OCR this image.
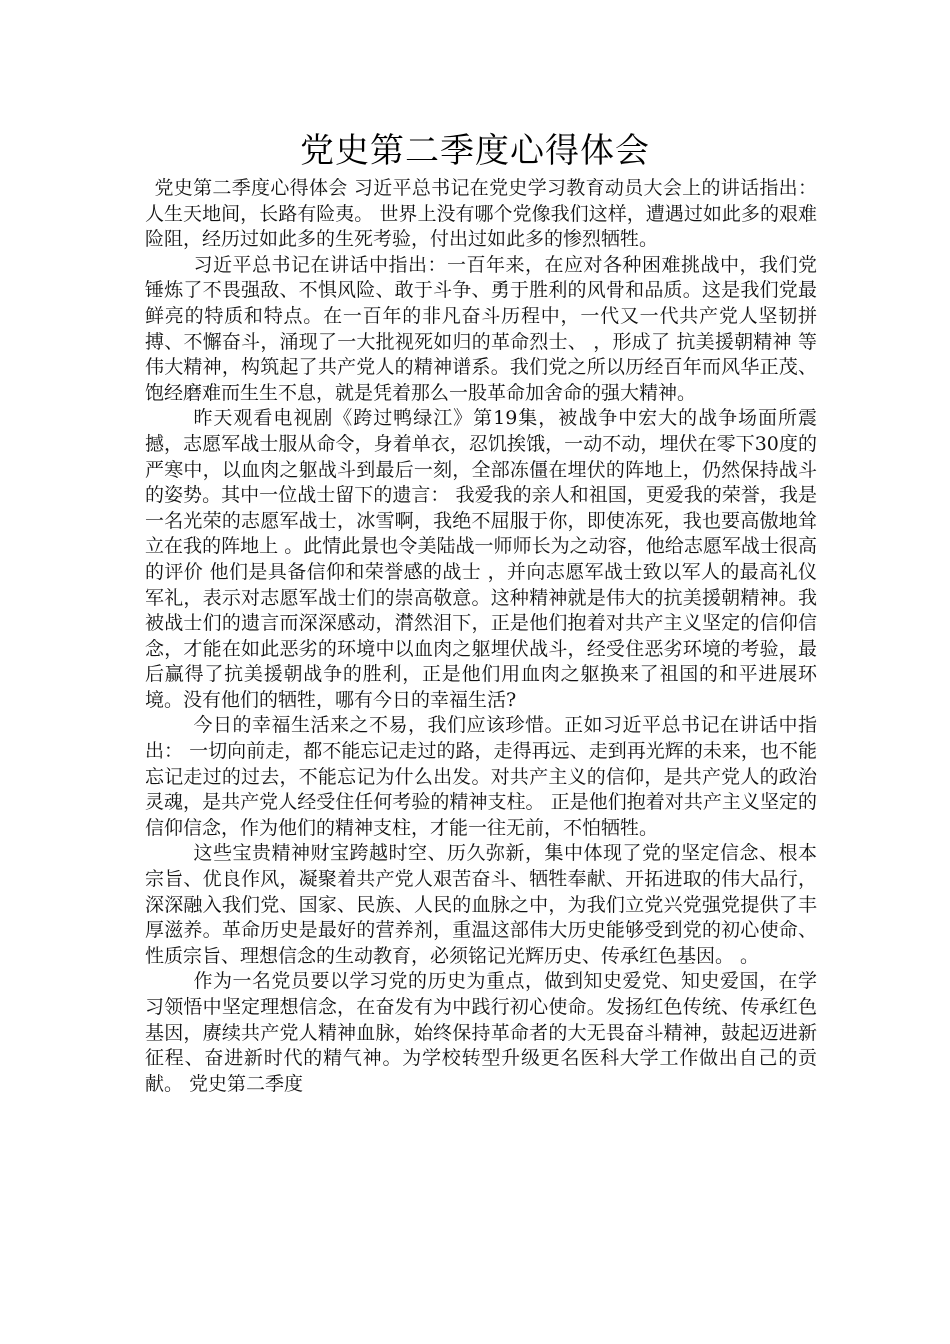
党史第二季度心得体会

党史第二季度心得体会 习近平总书记在党史学习教育动员大会上的讲话指出： 人生天地间，长路有险夷。 世界上没有哪个党像我们这样，遭遇过如此多的艰难险阻，经历过如此多的生死考验，付出过如此多的惨烈牺牲。

习近平总书记在讲话中指出：一百年来，在应对各种困难挑战中，我们党锤炼了不畏强敌、不惧风险、敢于斗争、勇于胜利的风骨和品质。这是我们党最鲜亮的特质和特点。在一百年的非凡奋斗历程中，一代又一代共产党人坚韧拼搏、不懈奋斗，涌现了一大批视死如归的革命烈士、 ，形成了 抗美援朝精神 等伟大精神，构筑起了共产党人的精神谱系。我们党之所以历经百年而风华正茂、饱经磨难而生生不息，就是凭着那么一股革命加舍命的强大精神。

昨天观看电视剧《跨过鸭绿江》第19集，被战争中宏大的战争场面所震撼，志愿军战士服从命令，身着单衣，忍饥挨饿，一动不动，埋伏在零下30度的严寒中，以血肉之躯战斗到最后一刻，全部冻僵在埋伏的阵地上，仍然保持战斗的姿势。其中一位战士留下的遗言： 我爱我的亲人和祖国，更爱我的荣誉，我是一名光荣的志愿军战士，冰雪啊，我绝不屈服于你，即使冻死，我也要高傲地耸立在我的阵地上 。此情此景也令美陆战一师师长为之动容，他给志愿军战士很高的评价 他们是具备信仰和荣誉感的战士 ，并向志愿军战士致以军人的最高礼仪 军礼，表示对志愿军战士们的崇高敬意。这种精神就是伟大的抗美援朝精神。我被战士们的遗言而深深感动，潸然泪下，正是他们抱着对共产主义坚定的信仰信念，才能在如此恶劣的环境中以血肉之躯埋伏战斗，经受住恶劣环境的考验，最后赢得了抗美援朝战争的胜利，正是他们用血肉之躯换来了祖国的和平进展环境。没有他们的牺牲，哪有今日的幸福生活?

今日的幸福生活来之不易，我们应该珍惜。正如习近平总书记在讲话中指出： 一切向前走，都不能忘记走过的路，走得再远、走到再光辉的未来，也不能忘记走过的过去，不能忘记为什么出发。对共产主义的信仰，是共产党人的政治灵魂，是共产党人经受住任何考验的精神支柱。 正是他们抱着对共产主义坚定的信仰信念，作为他们的精神支柱，才能一往无前，不怕牺牲。

这些宝贵精神财宝跨越时空、历久弥新，集中体现了党的坚定信念、根本宗旨、优良作风，凝聚着共产党人艰苦奋斗、牺牲奉献、开拓进取的伟大品行，深深融入我们党、国家、民族、人民的血脉之中，为我们立党兴党强党提供了丰厚滋养。革命历史是最好的营养剂，重温这部伟大历史能够受到党的初心使命、性质宗旨、理想信念的生动教育，必须铭记光辉历史、传承红色基因。 。

作为一名党员要以学习党的历史为重点，做到知史爱党、知史爱国，在学习领悟中坚定理想信念，在奋发有为中践行初心使命。发扬红色传统、传承红色基因，赓续共产党人精神血脉，始终保持革命者的大无畏奋斗精神，鼓起迈进新征程、奋进新时代的精气神。为学校转型升级更名医科大学工作做出自己的贡献。 党史第二季度
